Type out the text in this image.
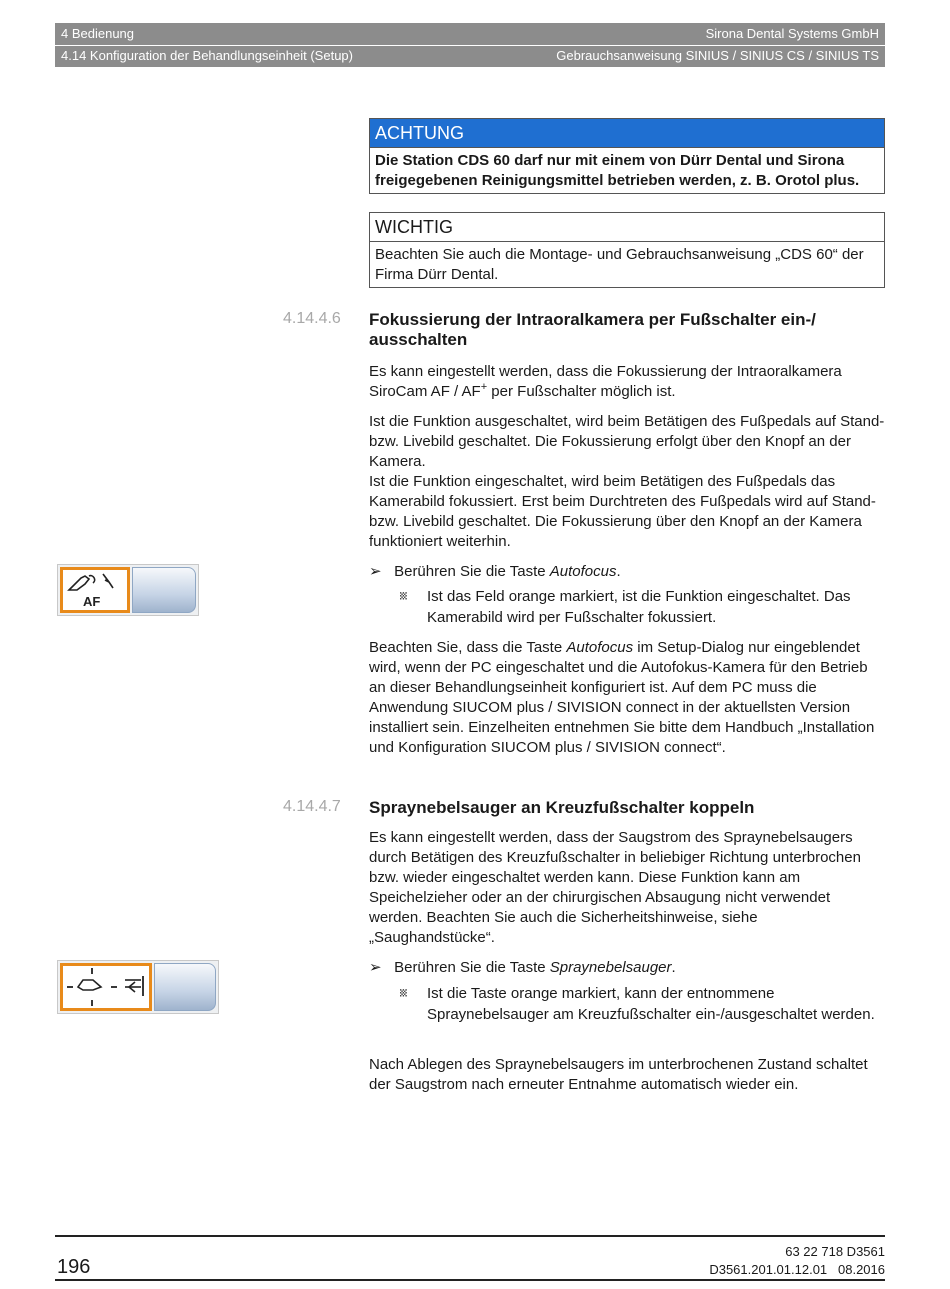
4 Bedienung	Sirona Dental Systems GmbH
4.14 Konfiguration der Behandlungseinheit (Setup)	Gebrauchsanweisung SINIUS / SINIUS CS / SINIUS TS
ACHTUNG
Die Station CDS 60 darf nur mit einem von Dürr Dental und Sirona freigegebenen Reinigungsmittel betrieben werden, z. B. Orotol plus.
WICHTIG
Beachten Sie auch die Montage- und Gebrauchsanweisung „CDS 60“ der Firma Dürr Dental.
4.14.4.6 Fokussierung der Intraoralkamera per Fußschalter ein-/ ausschalten
Es kann eingestellt werden, dass die Fokussierung der Intraoralkamera SiroCam AF / AF+ per Fußschalter möglich ist.
Ist die Funktion ausgeschaltet, wird beim Betätigen des Fußpedals auf Stand- bzw. Livebild geschaltet. Die Fokussierung erfolgt über den Knopf an der Kamera.
Ist die Funktion eingeschaltet, wird beim Betätigen des Fußpedals das Kamerabild fokussiert. Erst beim Durchtreten des Fußpedals wird auf Stand- bzw. Livebild geschaltet. Die Fokussierung über den Knopf an der Kamera funktioniert weiterhin.
AF
➢ Berühren Sie die Taste Autofocus.
␧ Ist das Feld orange markiert, ist die Funktion eingeschaltet. Das Kamerabild wird per Fußschalter fokussiert.
Beachten Sie, dass die Taste Autofocus im Setup-Dialog nur eingeblendet wird, wenn der PC eingeschaltet und die Autofokus-Kamera für den Betrieb an dieser Behandlungseinheit konfiguriert ist. Auf dem PC muss die Anwendung SIUCOM plus / SIVISION connect in der aktuellsten Version installiert sein. Einzelheiten entnehmen Sie bitte dem Handbuch „Installation und Konfiguration SIUCOM plus / SIVISION connect“.
4.14.4.7 Spraynebelsauger an Kreuzfußschalter koppeln
Es kann eingestellt werden, dass der Saugstrom des Spraynebelsaugers durch Betätigen des Kreuzfußschalter in beliebiger Richtung unterbrochen bzw. wieder eingeschaltet werden kann. Diese Funktion kann am Speichelzieher oder an der chirurgischen Absaugung nicht verwendet werden. Beachten Sie auch die Sicherheitshinweise, siehe „Saughandstücke“.
➢ Berühren Sie die Taste Spraynebelsauger.
␧ Ist die Taste orange markiert, kann der entnommene Spraynebelsauger am Kreuzfußschalter ein-/ausgeschaltet werden.
Nach Ablegen des Spraynebelsaugers im unterbrochenen Zustand schaltet der Saugstrom nach erneuter Entnahme automatisch wieder ein.
196
63 22 718 D3561
D3561.201.01.12.01 08.2016
